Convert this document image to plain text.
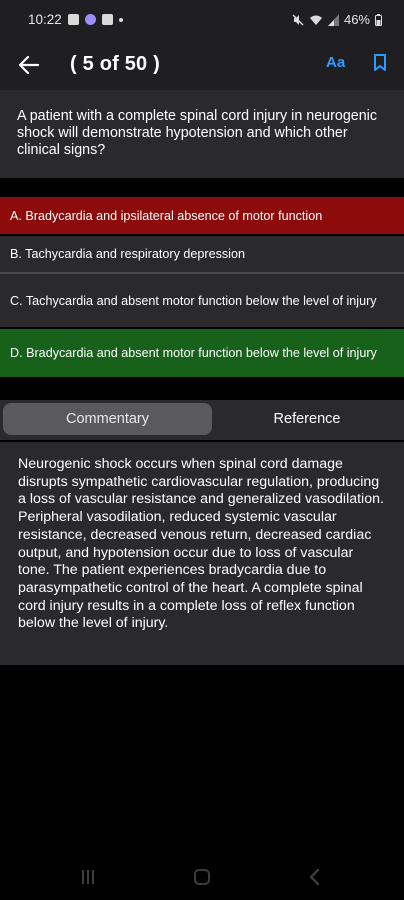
10:22	46%
( 5 of 50 )	Aa

A patient with a complete spinal cord injury in neurogenic shock will demonstrate hypotension and which other clinical signs?

A. Bradycardia and ipsilateral absence of motor function
B. Tachycardia and respiratory depression
C. Tachycardia and absent motor function below the level of injury
D. Bradycardia and absent motor function below the level of injury
Commentary	Reference

Neurogenic shock occurs when spinal cord damage disrupts sympathetic cardiovascular regulation, producing a loss of vascular resistance and generalized vasodilation. Peripheral vasodilation, reduced systemic vascular resistance, decreased venous return, decreased cardiac output, and hypotension occur due to loss of vascular tone. The patient experiences bradycardia due to parasympathetic control of the heart. A complete spinal cord injury results in a complete loss of reflex function below the level of injury.
